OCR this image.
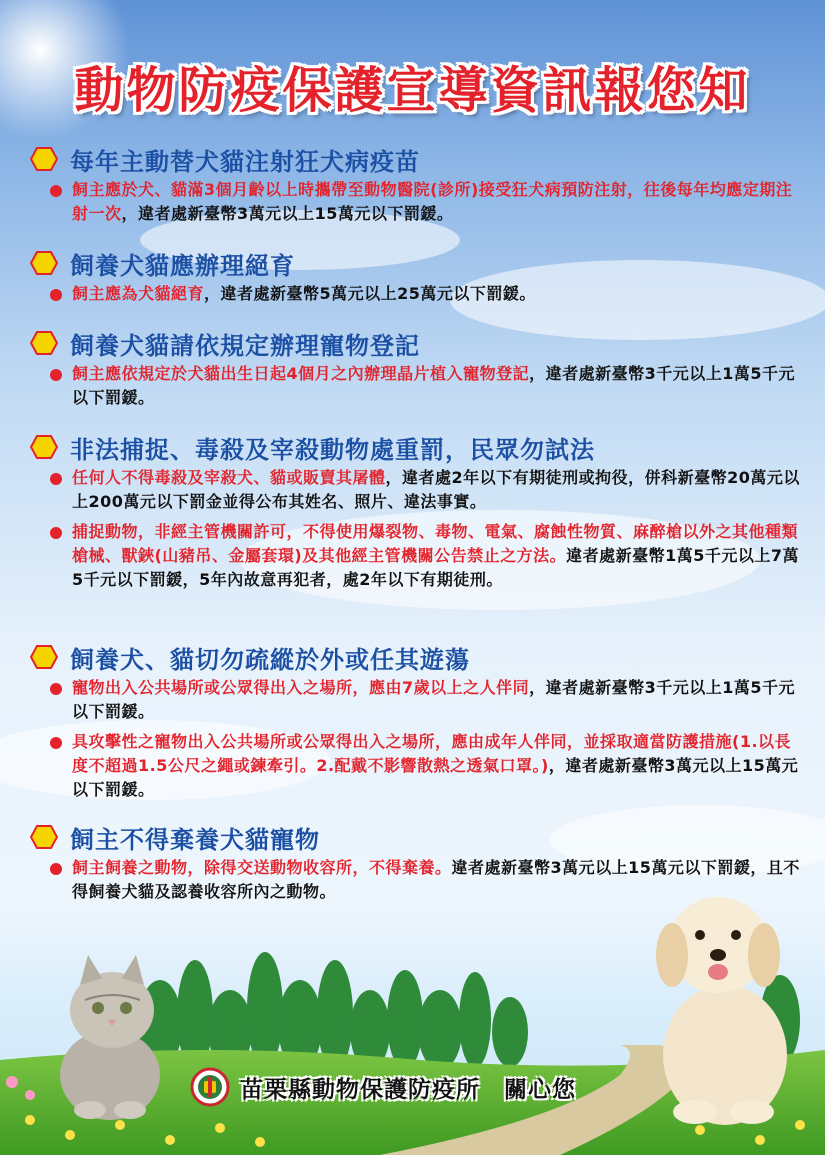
動物防疫保護宣導資訊報您知
每年主動替犬貓注射狂犬病疫苗

飼主應於犬、貓滿3個月齡以上時攜帶至動物醫院(診所)接受狂犬病預防注射，往後每年均應定期注射一次，違者處新臺幣3萬元以上15萬元以下罰鍰。

飼養犬貓應辦理絕育

飼主應為犬貓絕育，違者處新臺幣5萬元以上25萬元以下罰鍰。

飼養犬貓請依規定辦理寵物登記

飼主應依規定於犬貓出生日起4個月之內辦理晶片植入寵物登記，違者處新臺幣3千元以上1萬5千元以下罰鍰。

非法捕捉、毒殺及宰殺動物處重罰，民眾勿試法

任何人不得毒殺及宰殺犬、貓或販賣其屠體，違者處2年以下有期徒刑或拘役，併科新臺幣20萬元以上200萬元以下罰金並得公布其姓名、照片、違法事實。

捕捉動物，非經主管機關許可，不得使用爆裂物、毒物、電氣、腐蝕性物質、麻醉槍以外之其他種類槍械、獸鋏(山豬吊、金屬套環)及其他經主管機關公告禁止之方法。違者處新臺幣1萬5千元以上7萬5千元以下罰鍰，5年內故意再犯者，處2年以下有期徒刑。

飼養犬、貓切勿疏縱於外或任其遊蕩

寵物出入公共場所或公眾得出入之場所，應由7歲以上之人伴同，違者處新臺幣3千元以上1萬5千元以下罰鍰。

具攻擊性之寵物出入公共場所或公眾得出入之場所，應由成年人伴同，並採取適當防護措施(1.以長度不超過1.5公尺之繩或鍊牽引。2.配戴不影響散熱之透氣口罩。)，違者處新臺幣3萬元以上15萬元以下罰鍰。

飼主不得棄養犬貓寵物

飼主飼養之動物，除得交送動物收容所，不得棄養。違者處新臺幣3萬元以上15萬元以下罰鍰，且不得飼養犬貓及認養收容所內之動物。

苗栗縣動物保護防疫所　關心您
